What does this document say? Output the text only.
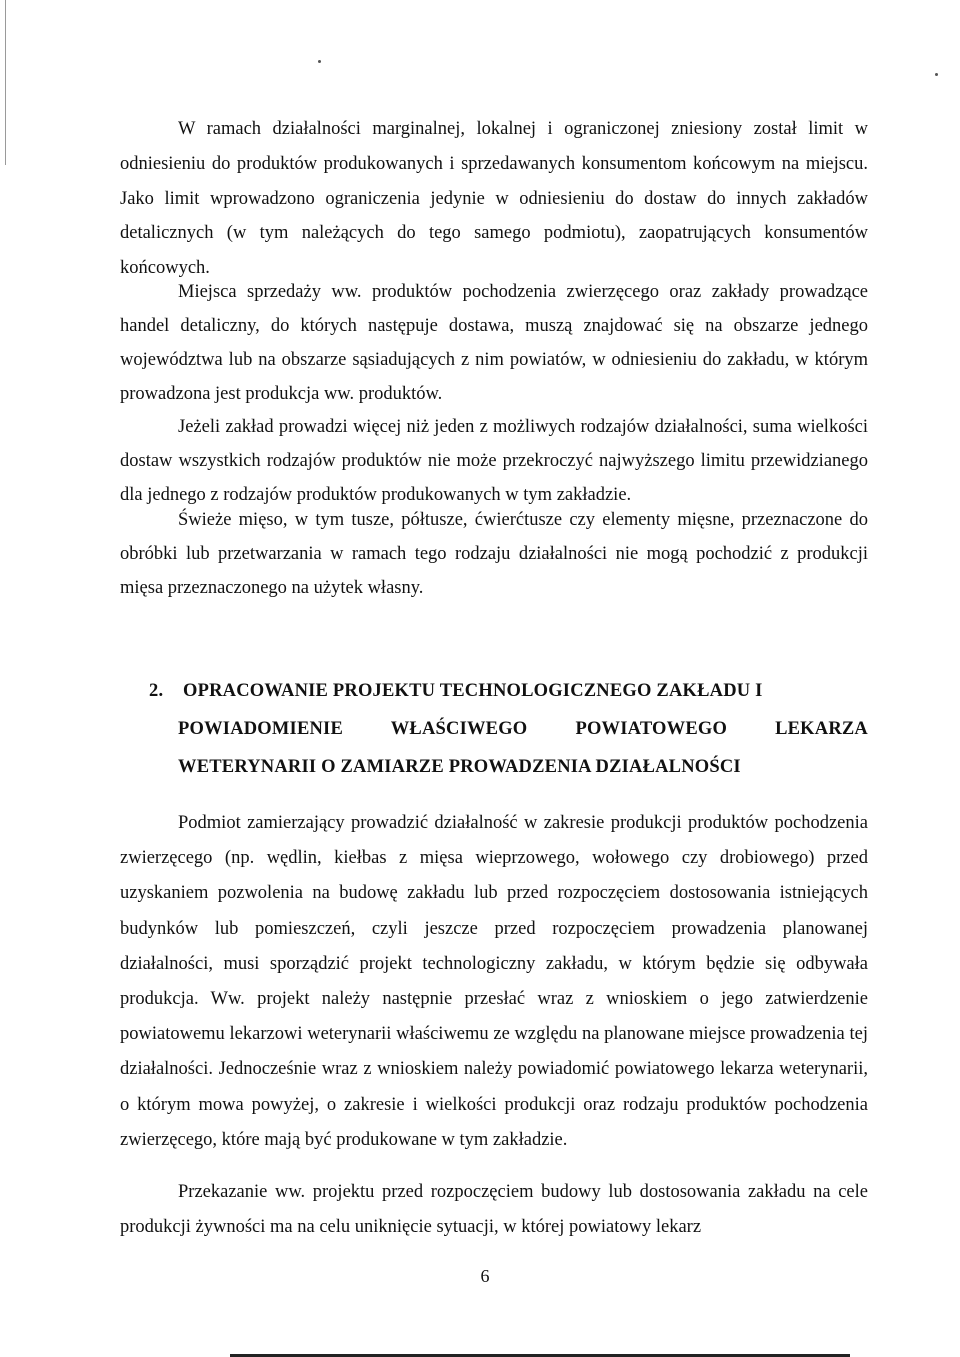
W ramach działalności marginalnej, lokalnej i ograniczonej zniesiony został limit w odniesieniu do produktów produkowanych i sprzedawanych konsumentom końcowym na miejscu. Jako limit wprowadzono ograniczenia jedynie w odniesieniu do dostaw do innych zakładów detalicznych (w tym należących do tego samego podmiotu), zaopatrujących konsumentów końcowych.

Miejsca sprzedaży ww. produktów pochodzenia zwierzęcego oraz zakłady prowadzące handel detaliczny, do których następuje dostawa, muszą znajdować się na obszarze jednego województwa lub na obszarze sąsiadujących z nim powiatów, w odniesieniu do zakładu, w którym prowadzona jest produkcja ww. produktów.

Jeżeli zakład prowadzi więcej niż jeden z możliwych rodzajów działalności, suma wielkości dostaw wszystkich rodzajów produktów nie może przekroczyć najwyższego limitu przewidzianego dla jednego z rodzajów produktów produkowanych w tym zakładzie.

Świeże mięso, w tym tusze, półtusze, ćwierćtusze czy elementy mięsne, przeznaczone do obróbki lub przetwarzania w ramach tego rodzaju działalności nie mogą pochodzić z produkcji mięsa przeznaczonego na użytek własny.

2. OPRACOWANIE PROJEKTU TECHNOLOGICZNEGO ZAKŁADU I
POWIADOMIENIE WŁAŚCIWEGO POWIATOWEGO LEKARZA WETERYNARII O ZAMIARZE PROWADZENIA DZIAŁALNOŚCI

Podmiot zamierzający prowadzić działalność w zakresie produkcji produktów pochodzenia zwierzęcego (np. wędlin, kiełbas z mięsa wieprzowego, wołowego czy drobiowego) przed uzyskaniem pozwolenia na budowę zakładu lub przed rozpoczęciem dostosowania istniejących budynków lub pomieszczeń, czyli jeszcze przed rozpoczęciem prowadzenia planowanej działalności, musi sporządzić projekt technologiczny zakładu, w którym będzie się odbywała produkcja. Ww. projekt należy następnie przesłać wraz z wnioskiem o jego zatwierdzenie powiatowemu lekarzowi weterynarii właściwemu ze względu na planowane miejsce prowadzenia tej działalności. Jednocześnie wraz z wnioskiem należy powiadomić powiatowego lekarza weterynarii, o którym mowa powyżej, o zakresie i wielkości produkcji oraz rodzaju produktów pochodzenia zwierzęcego, które mają być produkowane w tym zakładzie.

Przekazanie ww. projektu przed rozpoczęciem budowy lub dostosowania zakładu na cele produkcji żywności ma na celu uniknięcie sytuacji, w której powiatowy lekarz

6
